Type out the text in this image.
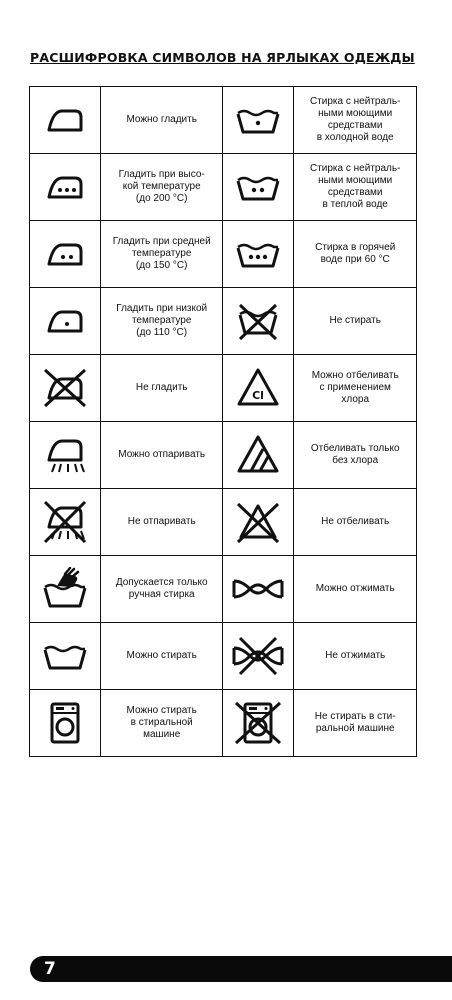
РАСШИФРОВКА СИМВОЛОВ НА ЯРЛЫКАХ ОДЕЖДЫ

Можно гладить		Стирка с нейтраль-
ными моющими
средствами
в холодной воде

Гладить при высо-
кой температуре
(до 200 °С)		Стирка с нейтраль-
ными моющими
средствами
в теплой воде

Гладить при средней
температуре
(до 150 °С)		Стирка в горячей
воде при 60 °С

Гладить при низкой
температуре
(до 110 °С)		Не стирать

Не гладить	Cl	Можно отбеливать
с применением
хлора

Можно отпаривать		Отбеливать только
без хлора

Не отпаривать		Не отбеливать

Допускается только
ручная стирка		Можно отжимать

Можно стирать		Не отжимать

Можно стирать
в стиральной
машине		Не стирать в сти-
ральной машине
7
